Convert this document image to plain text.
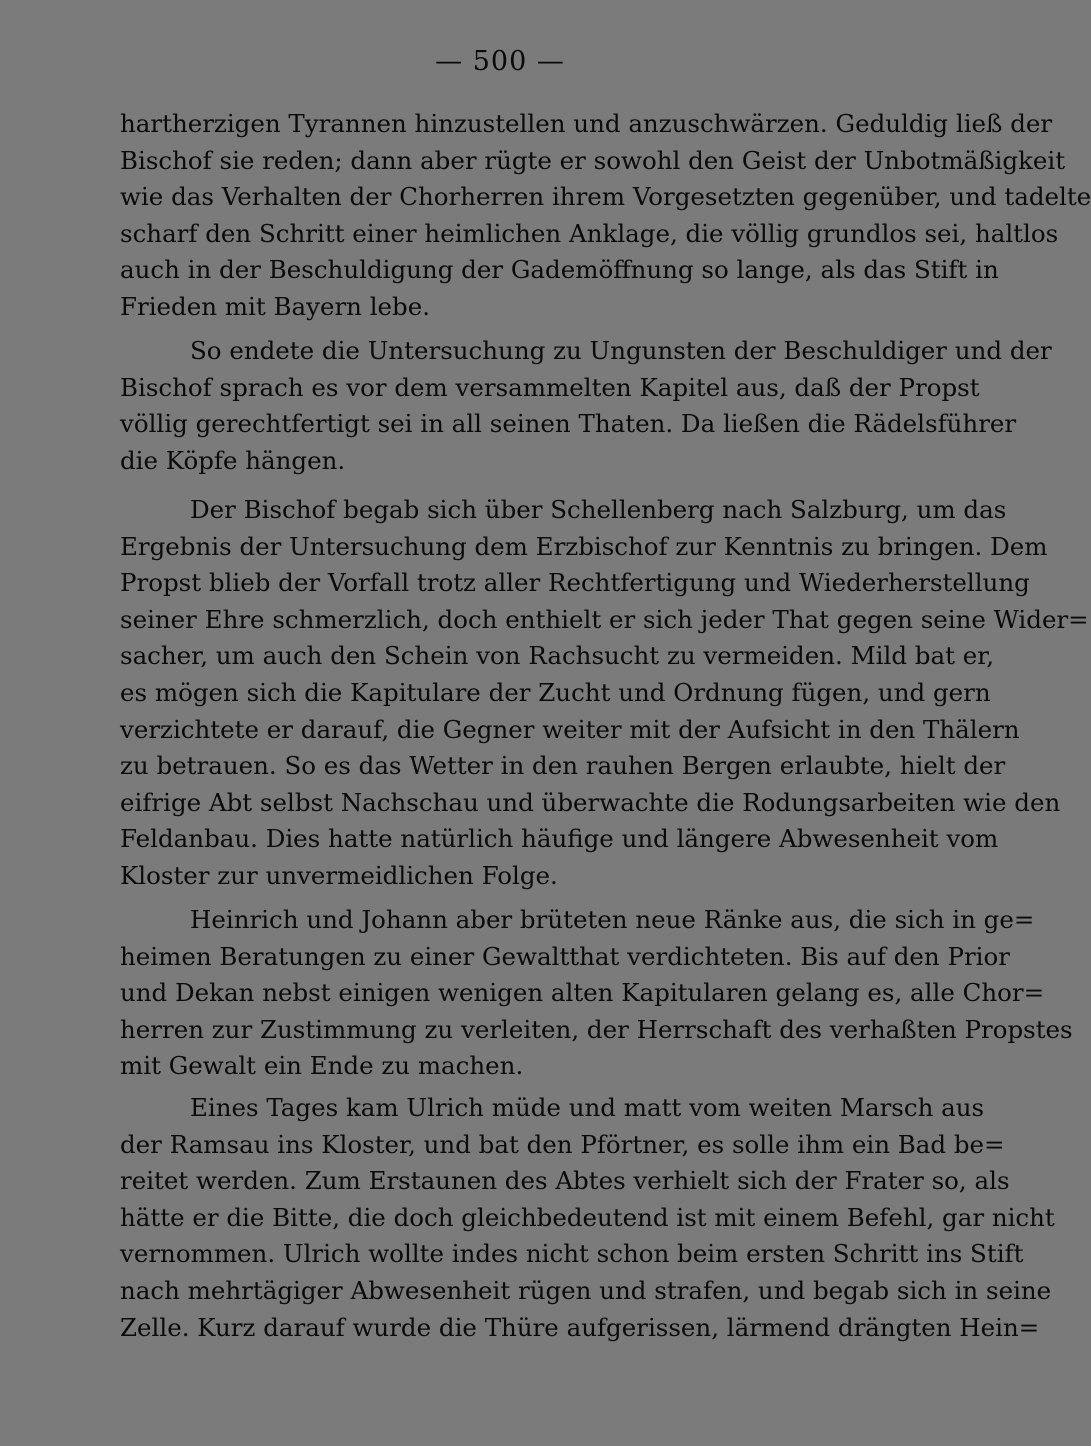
— 500 —
hartherzigen Tyrannen hinzustellen und anzuschwärzen. Geduldig ließ der
Bischof sie reden; dann aber rügte er sowohl den Geist der Unbotmäßigkeit
wie das Verhalten der Chorherren ihrem Vorgesetzten gegenüber, und tadelte
scharf den Schritt einer heimlichen Anklage, die völlig grundlos sei, haltlos
auch in der Beschuldigung der Gademöffnung so lange, als das Stift in
Frieden mit Bayern lebe.
So endete die Untersuchung zu Ungunsten der Beschuldiger und der
Bischof sprach es vor dem versammelten Kapitel aus, daß der Propst
völlig gerechtfertigt sei in all seinen Thaten. Da ließen die Rädelsführer
die Köpfe hängen.
Der Bischof begab sich über Schellenberg nach Salzburg, um das
Ergebnis der Untersuchung dem Erzbischof zur Kenntnis zu bringen. Dem
Propst blieb der Vorfall trotz aller Rechtfertigung und Wiederherstellung
seiner Ehre schmerzlich, doch enthielt er sich jeder That gegen seine Wider=
sacher, um auch den Schein von Rachsucht zu vermeiden. Mild bat er,
es mögen sich die Kapitulare der Zucht und Ordnung fügen, und gern
verzichtete er darauf, die Gegner weiter mit der Aufsicht in den Thälern
zu betrauen. So es das Wetter in den rauhen Bergen erlaubte, hielt der
eifrige Abt selbst Nachschau und überwachte die Rodungsarbeiten wie den
Feldanbau. Dies hatte natürlich häufige und längere Abwesenheit vom
Kloster zur unvermeidlichen Folge.
Heinrich und Johann aber brüteten neue Ränke aus, die sich in ge=
heimen Beratungen zu einer Gewaltthat verdichteten. Bis auf den Prior
und Dekan nebst einigen wenigen alten Kapitularen gelang es, alle Chor=
herren zur Zustimmung zu verleiten, der Herrschaft des verhaßten Propstes
mit Gewalt ein Ende zu machen.
Eines Tages kam Ulrich müde und matt vom weiten Marsch aus
der Ramsau ins Kloster, und bat den Pförtner, es solle ihm ein Bad be=
reitet werden. Zum Erstaunen des Abtes verhielt sich der Frater so, als
hätte er die Bitte, die doch gleichbedeutend ist mit einem Befehl, gar nicht
vernommen. Ulrich wollte indes nicht schon beim ersten Schritt ins Stift
nach mehrtägiger Abwesenheit rügen und strafen, und begab sich in seine
Zelle. Kurz darauf wurde die Thüre aufgerissen, lärmend drängten Hein=
